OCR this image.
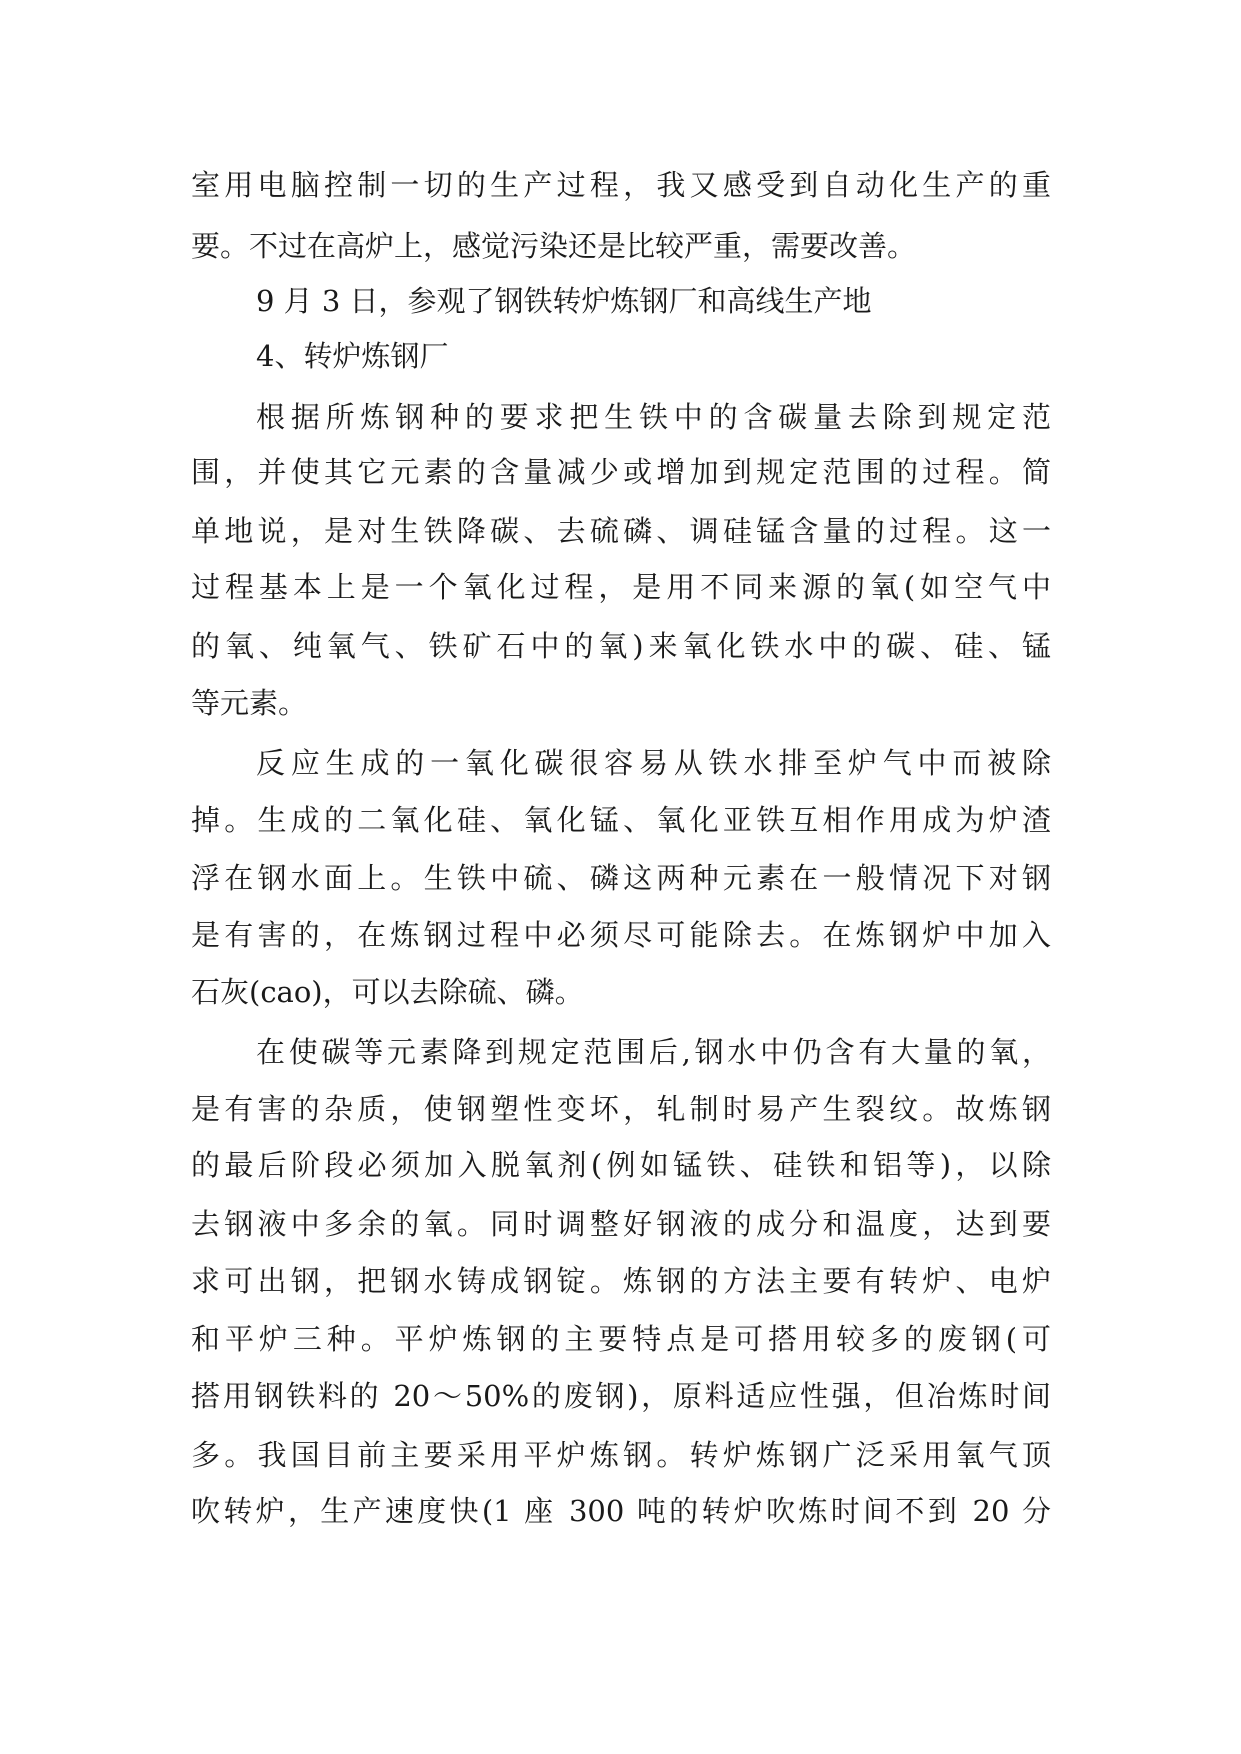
室用电脑控制一切的生产过程，我又感受到自动化生产的重
要。不过在高炉上，感觉污染还是比较严重，需要改善。
9 月 3 日，参观了钢铁转炉炼钢厂和高线生产地
4、转炉炼钢厂
根据所炼钢种的要求把生铁中的含碳量去除到规定范
围，并使其它元素的含量减少或增加到规定范围的过程。简
单地说，是对生铁降碳、去硫磷、调硅锰含量的过程。这一
过程基本上是一个氧化过程，是用不同来源的氧(如空气中
的氧、纯氧气、铁矿石中的氧)来氧化铁水中的碳、硅、锰
等元素。
反应生成的一氧化碳很容易从铁水排至炉气中而被除
掉。生成的二氧化硅、氧化锰、氧化亚铁互相作用成为炉渣
浮在钢水面上。生铁中硫、磷这两种元素在一般情况下对钢
是有害的，在炼钢过程中必须尽可能除去。在炼钢炉中加入
石灰(cao)，可以去除硫、磷。
在使碳等元素降到规定范围后,钢水中仍含有大量的氧，
是有害的杂质，使钢塑性变坏，轧制时易产生裂纹。故炼钢
的最后阶段必须加入脱氧剂(例如锰铁、硅铁和铝等)，以除
去钢液中多余的氧。同时调整好钢液的成分和温度，达到要
求可出钢，把钢水铸成钢锭。炼钢的方法主要有转炉、电炉
和平炉三种。平炉炼钢的主要特点是可搭用较多的废钢(可
搭用钢铁料的 20～50%的废钢)，原料适应性强，但冶炼时间
多。我国目前主要采用平炉炼钢。转炉炼钢广泛采用氧气顶
吹转炉，生产速度快(1 座 300 吨的转炉吹炼时间不到 20 分
